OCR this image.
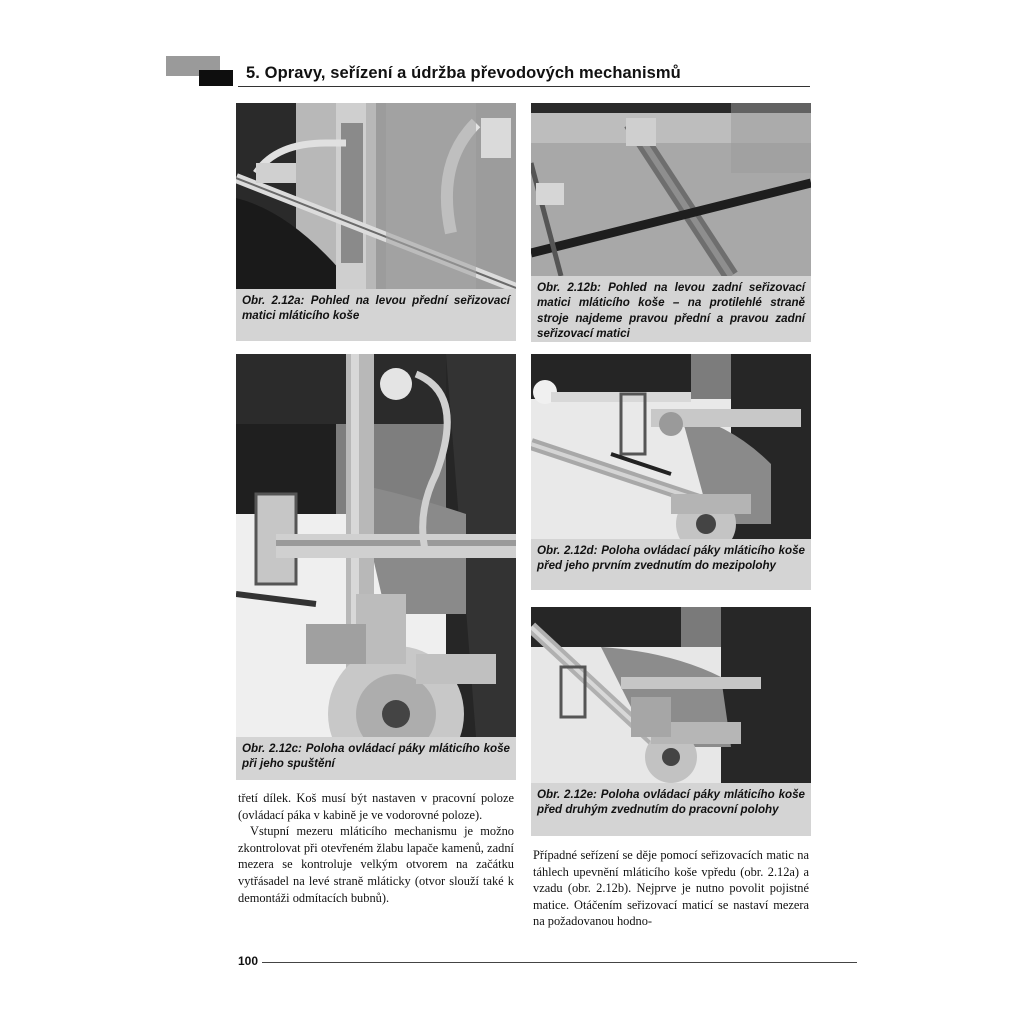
5. Opravy, seřízení a údržba převodových mechanismů
Obr. 2.12a: Pohled na levou přední seřizovací matici mláticího koše
Obr. 2.12b: Pohled na levou zadní seřizovací matici mláticího koše – na protilehlé straně stroje najdeme pravou přední a pravou zadní seřizovací matici
Obr. 2.12c: Poloha ovládací páky mláticího koše při jeho spuštění
Obr. 2.12d: Poloha ovládací páky mláticího koše před jeho prvním zvednutím do mezipolohy
Obr. 2.12e: Poloha ovládací páky mláticího koše před druhým zvednutím do pracovní polohy

třetí dílek. Koš musí být nastaven v pracovní poloze (ovládací páka v kabině je ve vodorovné poloze).

Vstupní mezeru mláticího mechanismu je možno zkontrolovat při otevřeném žlabu lapače kamenů, zadní mezera se kontroluje velkým otvorem na začátku vytřásadel na levé straně mláticky (otvor slouží také k demontáži odmítacích bubnů).

Případné seřízení se děje pomocí seřizovacích matic na táhlech upevnění mláticího koše vpředu (obr. 2.12a) a vzadu (obr. 2.12b). Nejprve je nutno povolit pojistné matice. Otáčením seřizovací maticí se nastaví mezera na požadovanou hodno-

100
